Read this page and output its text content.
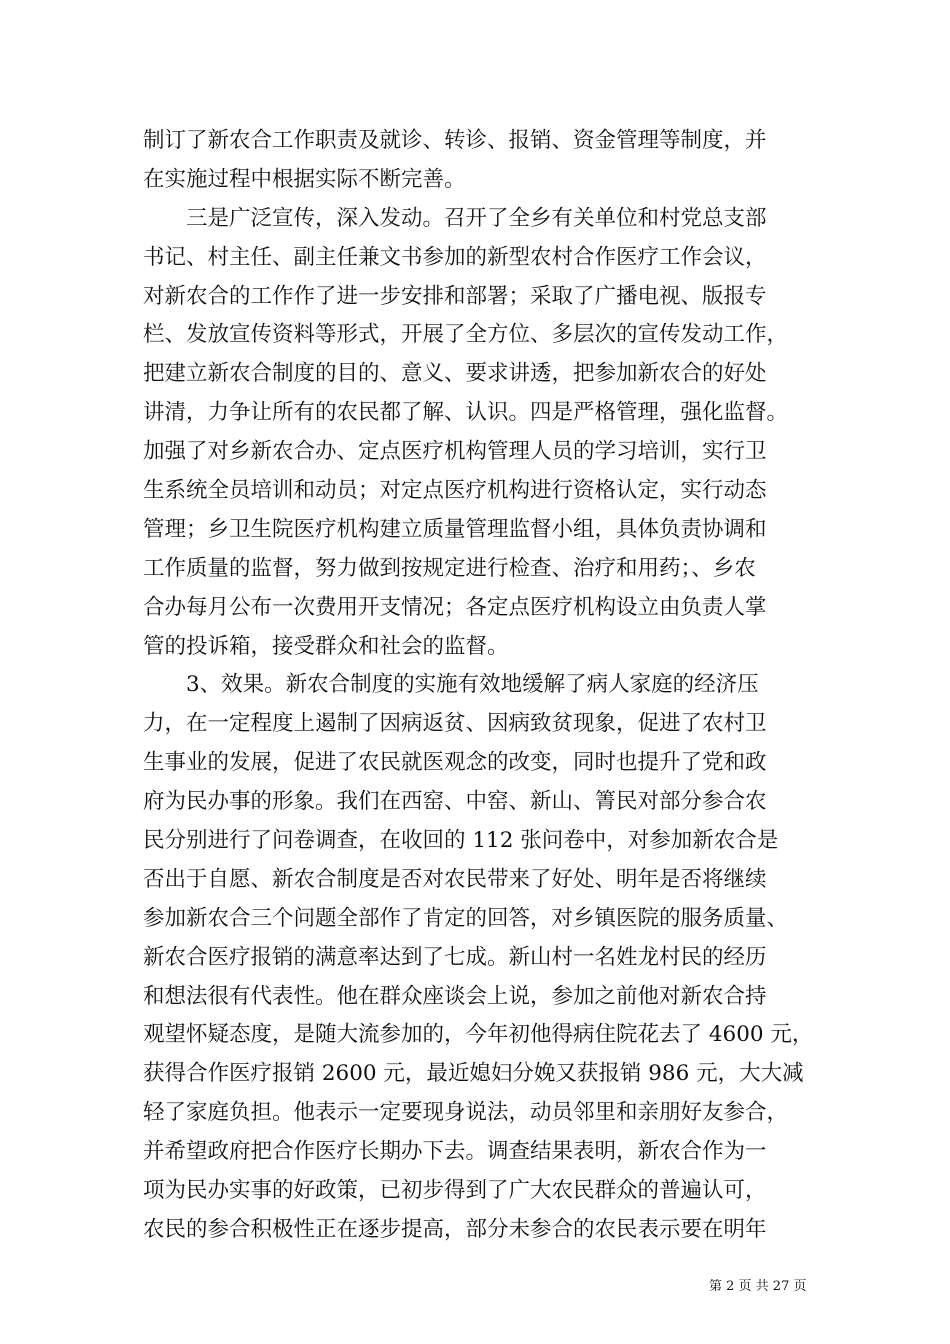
制订了新农合工作职责及就诊、转诊、报销、资金管理等制度，并
在实施过程中根据实际不断完善。
　　三是广泛宣传，深入发动。召开了全乡有关单位和村党总支部
书记、村主任、副主任兼文书参加的新型农村合作医疗工作会议，
对新农合的工作作了进一步安排和部署；采取了广播电视、版报专
栏、发放宣传资料等形式，开展了全方位、多层次的宣传发动工作，
把建立新农合制度的目的、意义、要求讲透，把参加新农合的好处
讲清，力争让所有的农民都了解、认识。四是严格管理，强化监督。
加强了对乡新农合办、定点医疗机构管理人员的学习培训，实行卫
生系统全员培训和动员；对定点医疗机构进行资格认定，实行动态
管理；乡卫生院医疗机构建立质量管理监督小组，具体负责协调和
工作质量的监督，努力做到按规定进行检查、治疗和用药；、乡农
合办每月公布一次费用开支情况；各定点医疗机构设立由负责人掌
管的投诉箱，接受群众和社会的监督。
　　3、效果。新农合制度的实施有效地缓解了病人家庭的经济压
力，在一定程度上遏制了因病返贫、因病致贫现象，促进了农村卫
生事业的发展，促进了农民就医观念的改变，同时也提升了党和政
府为民办事的形象。我们在西窑、中窑、新山、箐民对部分参合农
民分别进行了问卷调查，在收回的 112 张问卷中，对参加新农合是
否出于自愿、新农合制度是否对农民带来了好处、明年是否将继续
参加新农合三个问题全部作了肯定的回答，对乡镇医院的服务质量、
新农合医疗报销的满意率达到了七成。新山村一名姓龙村民的经历
和想法很有代表性。他在群众座谈会上说，参加之前他对新农合持
观望怀疑态度，是随大流参加的，今年初他得病住院花去了 4600 元，
获得合作医疗报销 2600 元，最近媳妇分娩又获报销 986 元，大大减
轻了家庭负担。他表示一定要现身说法，动员邻里和亲朋好友参合，
并希望政府把合作医疗长期办下去。调查结果表明，新农合作为一
项为民办实事的好政策，已初步得到了广大农民群众的普遍认可，
农民的参合积极性正在逐步提高，部分未参合的农民表示要在明年
第 2 页 共 27 页
